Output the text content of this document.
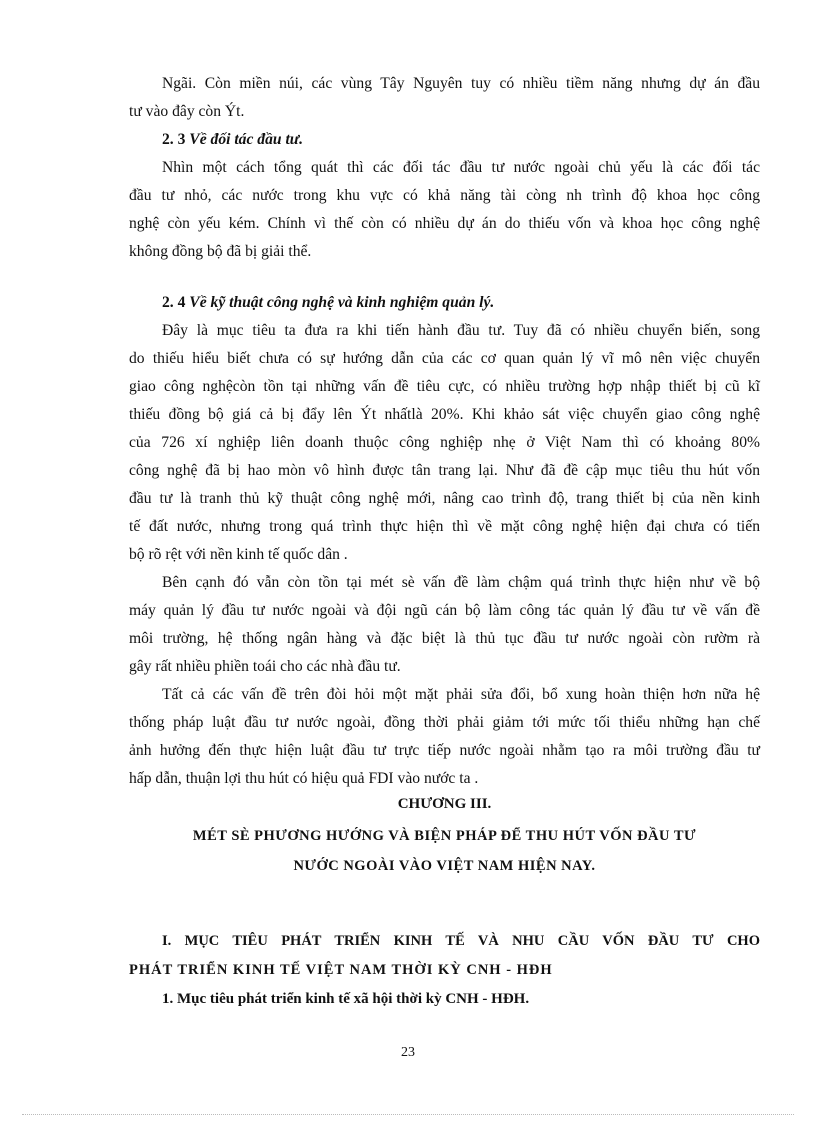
Ngãi. Còn miền núi, các vùng Tây Nguyên tuy có nhiều tiềm năng nhưng dự án đầu
tư vào đây còn Ýt.
2. 3 Về đối tác đầu tư.
Nhìn một cách tổng quát thì các đối tác đầu tư nước ngoài chủ yếu là các đối tác
đầu tư nhỏ, các nước trong khu vực có khả năng tài còng nh trình độ khoa học công
nghệ còn yếu kém. Chính vì thế còn có nhiều dự án do thiếu vốn và khoa học công nghệ
không đồng bộ đã bị giải thể.
2. 4 Về kỹ thuật công nghệ và kinh nghiệm quản lý.
Đây là mục tiêu ta đưa ra khi tiến hành đầu tư. Tuy đã có nhiều chuyển biến, song
do thiếu hiểu biết chưa có sự hướng dẫn của các cơ quan quản lý vĩ mô nên việc chuyển
giao công nghệcòn tồn tại những vấn đề tiêu cực, có nhiều trường hợp nhập thiết bị cũ kĩ
thiếu đồng bộ giá cả bị đẩy lên Ýt nhấtlà 20%. Khi khảo sát việc chuyển giao công nghệ
của 726 xí nghiệp liên doanh thuộc công nghiệp nhẹ ở Việt Nam thì có khoảng 80%
công nghệ đã bị hao mòn vô hình được tân trang lại. Như đã đề cập mục tiêu thu hút vốn
đầu tư là tranh thủ kỹ thuật công nghệ mới, nâng cao trình độ, trang thiết bị của nền kinh
tế đất nước, nhưng trong quá trình thực hiện thì về mặt công nghệ hiện đại chưa có tiến
bộ rõ rệt với nền kinh tế quốc dân .
Bên cạnh đó vẫn còn tồn tại mét sè vấn đề làm chậm quá trình thực hiện như về bộ
máy quản lý đầu tư nước ngoài và đội ngũ cán bộ làm công tác quản lý đầu tư về vấn đề
môi trường, hệ thống ngân hàng và đặc biệt là thủ tục đầu tư nước ngoài còn rườm rà
gây rất nhiều phiền toái cho các nhà đầu tư.
Tất cả các vấn đề trên đòi hỏi một mặt phải sửa đổi, bổ xung hoàn thiện hơn nữa hệ
thống pháp luật đầu tư nước ngoài, đồng thời phải giảm tới mức tối thiểu những hạn chế
ảnh hưởng đến thực hiện luật đầu tư trực tiếp nước ngoài nhằm tạo ra môi trường đầu tư
hấp dẫn, thuận lợi thu hút có hiệu quả FDI vào nước ta .
CHƯƠNG III.
MÉT SÈ PHƯƠNG HƯỚNG VÀ BIỆN PHÁP ĐỂ THU HÚT VỐN ĐẦU TƯ
NƯỚC NGOÀI VÀO VIỆT NAM HIỆN NAY.
I. MỤC TIÊU PHÁT TRIỂN KINH TẾ VÀ NHU CẦU VỐN ĐẦU TƯ CHO
PHÁT TRIỂN KINH TẾ VIỆT NAM THỜI KỲ CNH - HĐH
1. Mục tiêu phát triển kinh tế xã hội thời kỳ CNH - HĐH.
23
